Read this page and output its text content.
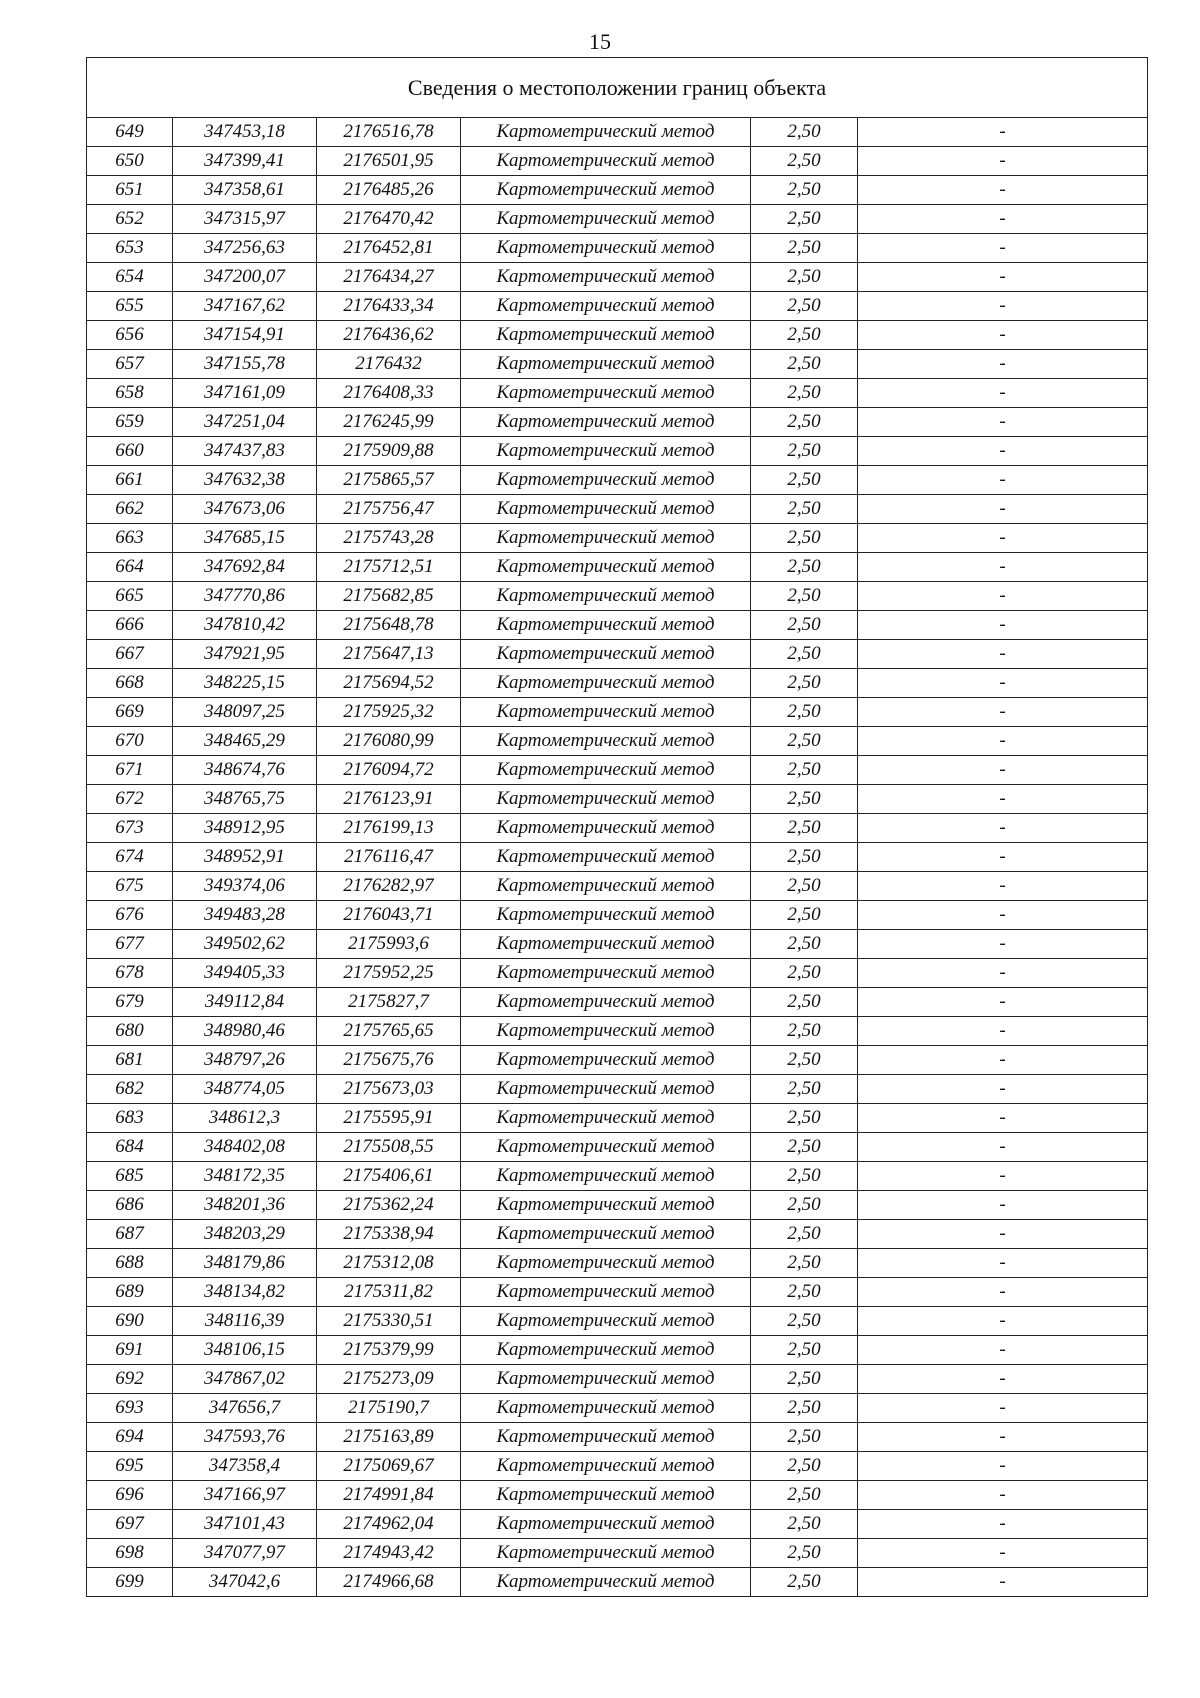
15
Сведения о местоположении границ объекта					
649	347453,18	2176516,78	Картометрический метод	2,50	-
650	347399,41	2176501,95	Картометрический метод	2,50	-
651	347358,61	2176485,26	Картометрический метод	2,50	-
652	347315,97	2176470,42	Картометрический метод	2,50	-
653	347256,63	2176452,81	Картометрический метод	2,50	-
654	347200,07	2176434,27	Картометрический метод	2,50	-
655	347167,62	2176433,34	Картометрический метод	2,50	-
656	347154,91	2176436,62	Картометрический метод	2,50	-
657	347155,78	2176432	Картометрический метод	2,50	-
658	347161,09	2176408,33	Картометрический метод	2,50	-
659	347251,04	2176245,99	Картометрический метод	2,50	-
660	347437,83	2175909,88	Картометрический метод	2,50	-
661	347632,38	2175865,57	Картометрический метод	2,50	-
662	347673,06	2175756,47	Картометрический метод	2,50	-
663	347685,15	2175743,28	Картометрический метод	2,50	-
664	347692,84	2175712,51	Картометрический метод	2,50	-
665	347770,86	2175682,85	Картометрический метод	2,50	-
666	347810,42	2175648,78	Картометрический метод	2,50	-
667	347921,95	2175647,13	Картометрический метод	2,50	-
668	348225,15	2175694,52	Картометрический метод	2,50	-
669	348097,25	2175925,32	Картометрический метод	2,50	-
670	348465,29	2176080,99	Картометрический метод	2,50	-
671	348674,76	2176094,72	Картометрический метод	2,50	-
672	348765,75	2176123,91	Картометрический метод	2,50	-
673	348912,95	2176199,13	Картометрический метод	2,50	-
674	348952,91	2176116,47	Картометрический метод	2,50	-
675	349374,06	2176282,97	Картометрический метод	2,50	-
676	349483,28	2176043,71	Картометрический метод	2,50	-
677	349502,62	2175993,6	Картометрический метод	2,50	-
678	349405,33	2175952,25	Картометрический метод	2,50	-
679	349112,84	2175827,7	Картометрический метод	2,50	-
680	348980,46	2175765,65	Картометрический метод	2,50	-
681	348797,26	2175675,76	Картометрический метод	2,50	-
682	348774,05	2175673,03	Картометрический метод	2,50	-
683	348612,3	2175595,91	Картометрический метод	2,50	-
684	348402,08	2175508,55	Картометрический метод	2,50	-
685	348172,35	2175406,61	Картометрический метод	2,50	-
686	348201,36	2175362,24	Картометрический метод	2,50	-
687	348203,29	2175338,94	Картометрический метод	2,50	-
688	348179,86	2175312,08	Картометрический метод	2,50	-
689	348134,82	2175311,82	Картометрический метод	2,50	-
690	348116,39	2175330,51	Картометрический метод	2,50	-
691	348106,15	2175379,99	Картометрический метод	2,50	-
692	347867,02	2175273,09	Картометрический метод	2,50	-
693	347656,7	2175190,7	Картометрический метод	2,50	-
694	347593,76	2175163,89	Картометрический метод	2,50	-
695	347358,4	2175069,67	Картометрический метод	2,50	-
696	347166,97	2174991,84	Картометрический метод	2,50	-
697	347101,43	2174962,04	Картометрический метод	2,50	-
698	347077,97	2174943,42	Картометрический метод	2,50	-
699	347042,6	2174966,68	Картометрический метод	2,50	-
